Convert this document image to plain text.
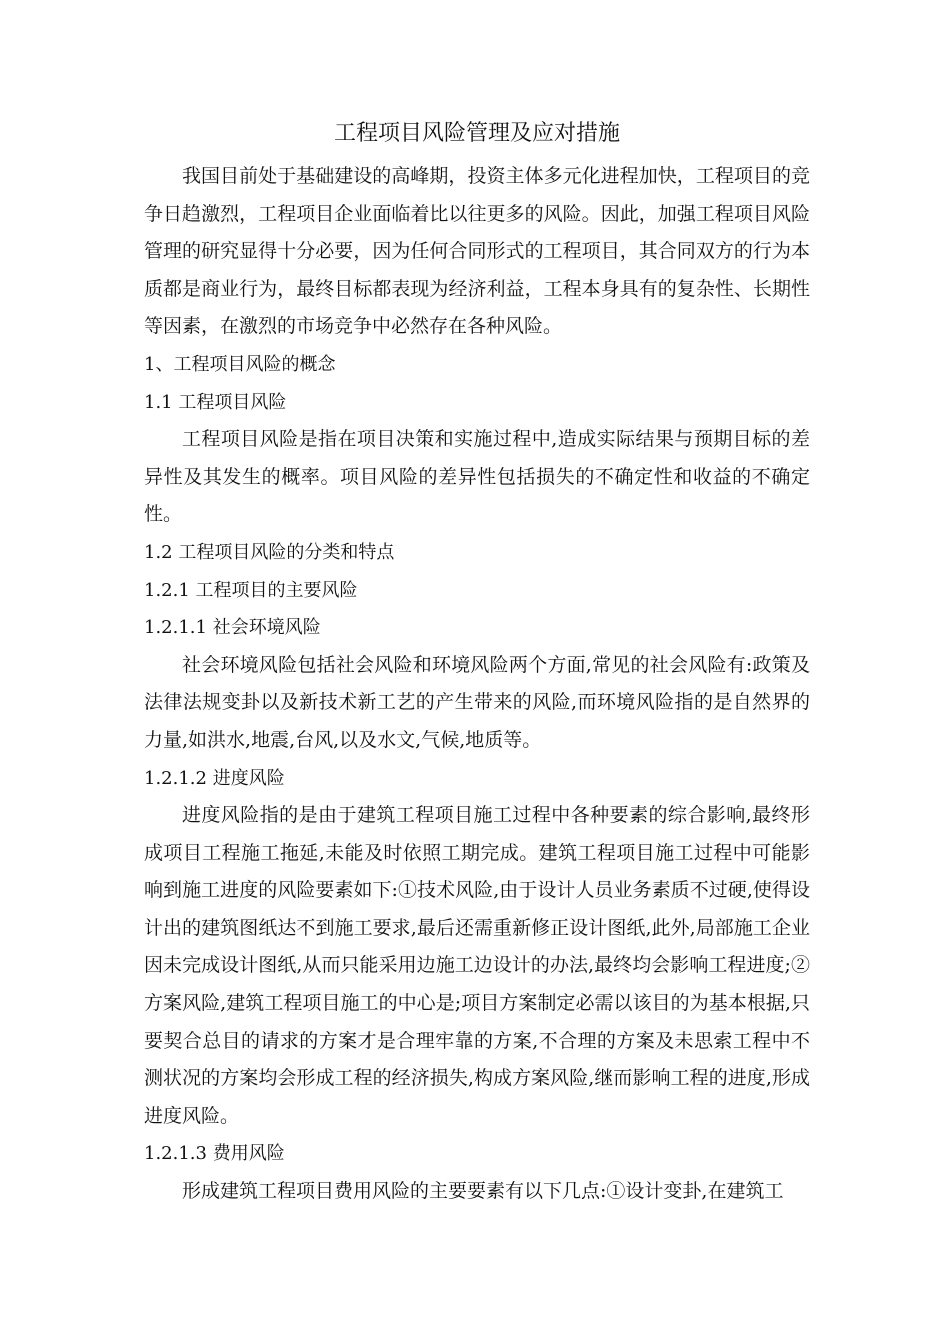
工程项目风险管理及应对措施

我国目前处于基础建设的高峰期，投资主体多元化进程加快，工程项目的竞争日趋激烈，工程项目企业面临着比以往更多的风险。因此，加强工程项目风险管理的研究显得十分必要，因为任何合同形式的工程项目，其合同双方的行为本质都是商业行为，最终目标都表现为经济利益，工程本身具有的复杂性、长期性等因素，在激烈的市场竞争中必然存在各种风险。

1、工程项目风险的概念

1.1 工程项目风险

工程项目风险是指在项目决策和实施过程中,造成实际结果与预期目标的差异性及其发生的概率。项目风险的差异性包括损失的不确定性和收益的不确定性。

1.2 工程项目风险的分类和特点

1.2.1 工程项目的主要风险

1.2.1.1 社会环境风险

社会环境风险包括社会风险和环境风险两个方面,常见的社会风险有:政策及法律法规变卦以及新技术新工艺的产生带来的风险,而环境风险指的是自然界的力量,如洪水,地震,台风,以及水文,气候,地质等。

1.2.1.2 进度风险

进度风险指的是由于建筑工程项目施工过程中各种要素的综合影响,最终形成项目工程施工拖延,未能及时依照工期完成。建筑工程项目施工过程中可能影响到施工进度的风险要素如下:①技术风险,由于设计人员业务素质不过硬,使得设计出的建筑图纸达不到施工要求,最后还需重新修正设计图纸,此外,局部施工企业因未完成设计图纸,从而只能采用边施工边设计的办法,最终均会影响工程进度;②方案风险,建筑工程项目施工的中心是;项目方案制定必需以该目的为基本根据,只要契合总目的请求的方案才是合理牢靠的方案,不合理的方案及未思索工程中不测状况的方案均会形成工程的经济损失,构成方案风险,继而影响工程的进度,形成进度风险。

1.2.1.3 费用风险

形成建筑工程项目费用风险的主要要素有以下几点:①设计变卦,在建筑工
